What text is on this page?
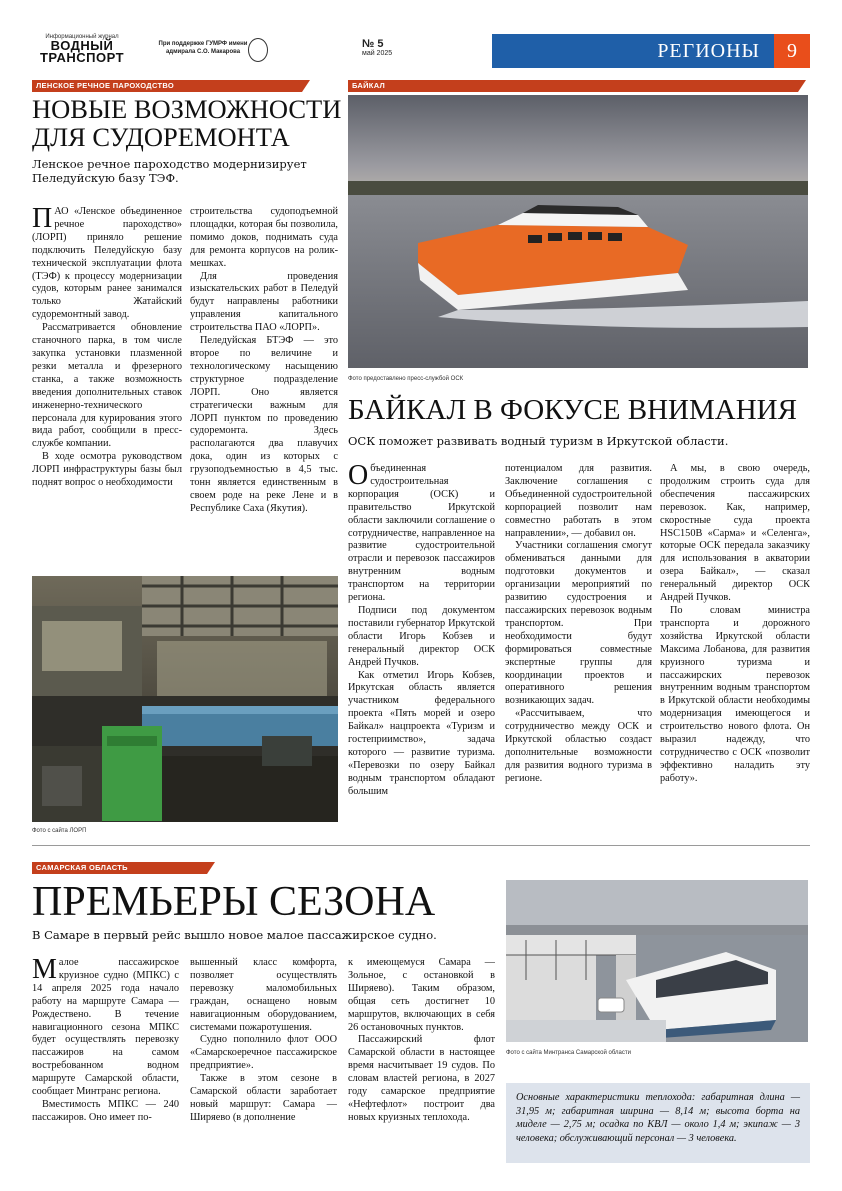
Информационный журнал
ВОДНЫЙ
ТРАНСПОРТ
При поддержке ГУМРФ имени адмирала С.О. Макарова
№ 5
май 2025	РЕГИОНЫ	9
ЛЕНСКОЕ РЕЧНОЕ ПАРОХОДСТВО
НОВЫЕ ВОЗМОЖНОСТИ
ДЛЯ СУДОРЕМОНТА
Ленское речное пароходство модернизирует Пеледуйскую базу ТЭФ.

ПАО «Ленское объединенное речное пароходство» (ЛОРП) приняло решение подключить Пеледуйскую базу технической эксплуатации флота (ТЭФ) к процессу модернизации судов, которым ранее занимался только Жатайский судоремонтный завод.

Рассматривается обновление станочного парка, в том числе закупка установки плазменной резки металла и фрезерного станка, а также возможность введения дополнительных ставок инженерно-технического персонала для курирования этого вида работ, сообщили в пресс-службе компании.

В ходе осмотра руководством ЛОРП инфраструктуры базы был поднят вопрос о необходимости

строительства судоподъемной площадки, которая бы позволила, помимо доков, поднимать суда для ремонта корпусов на ролик-мешках.

Для проведения изыскательских работ в Пеледуй будут направлены работники управления капитального строительства ПАО «ЛОРП».

Пеледуйская БТЭФ — это второе по величине и технологическому насыщению структурное подразделение ЛОРП. Оно является стратегически важным для ЛОРП пунктом по проведению судоремонта. Здесь располагаются два плавучих дока, один из которых с грузоподъемностью в 4,5 тыс. тонн является единственным в своем роде на реке Лене и в Республике Саха (Якутия).

Фото с сайта ЛОРП
БАЙКАЛ
Фото предоставлено пресс-службой ОСК
БАЙКАЛ В ФОКУСЕ ВНИМАНИЯ
ОСК поможет развивать водный туризм в Иркутской области.

Объединенная судостроительная корпорация (ОСК) и правительство Иркутской области заключили соглашение о сотрудничестве, направленное на развитие судостроительной отрасли и перевозок пассажиров внутренним водным транспортом на территории региона.

Подписи под документом поставили губернатор Иркутской области Игорь Кобзев и генеральный директор ОСК Андрей Пучков.

Как отметил Игорь Кобзев, Иркутская область является участником федерального проекта «Пять морей и озеро Байкал» нацпроекта «Туризм и гостеприимство», задача которого — развитие туризма. «Перевозки по озеру Байкал водным транспортом обладают большим

потенциалом для развития. Заключение соглашения с Объединенной судостроительной корпорацией позволит нам совместно работать в этом направлении», — добавил он.

Участники соглашения смогут обмениваться данными для подготовки документов и организации мероприятий по развитию судостроения и пассажирских перевозок водным транспортом. При необходимости будут формироваться совместные экспертные группы для координации проектов и оперативного решения возникающих задач.

«Рассчитываем, что сотрудничество между ОСК и Иркутской областью создаст дополнительные возможности для развития водного туризма в регионе.

А мы, в свою очередь, продолжим строить суда для обеспечения пассажирских перевозок. Как, например, скоростные суда проекта HSC150B «Сарма» и «Селенга», которые ОСК передала заказчику для использования в акватории озера Байкал», — сказал генеральный директор ОСК Андрей Пучков.

По словам министра транспорта и дорожного хозяйства Иркутской области Максима Лобанова, для развития круизного туризма и пассажирских перевозок внутренним водным транспортом в Иркутской области необходимы модернизация имеющегося и строительство нового флота. Он выразил надежду, что сотрудничество с ОСК «позволит эффективно наладить эту работу».

САМАРСКАЯ ОБЛАСТЬ
ПРЕМЬЕРЫ СЕЗОНА
В Самаре в первый рейс вышло новое малое пассажирское судно.

Малое пассажирское круизное судно (МПКС) с 14 апреля 2025 года начало работу на маршруте Самара — Рождествено. В течение навигационного сезона МПКС будет осуществлять перевозку пассажиров на самом востребованном водном маршруте Самарской области, сообщает Минтранс региона.

Вместимость МПКС — 240 пассажиров. Оно имеет по-

вышенный класс комфорта, позволяет осуществлять перевозку маломобильных граждан, оснащено новым навигационным оборудованием, системами пожаротушения.

Судно пополнило флот ООО «Самарскоеречное пассажирское предприятие».

Также в этом сезоне в Самарской области заработает новый маршрут: Самара — Ширяево (в дополнение

к имеющемуся Самара — Зольное, с остановкой в Ширяево). Таким образом, общая сеть достигнет 10 маршрутов, включающих в себя 26 остановочных пунктов.

Пассажирский флот Самарской области в настоящее время насчитывает 19 судов. По словам властей региона, в 2027 году самарское предприятие «Нефтефлот» построит два новых круизных теплохода.

Фото с сайта Минтранса Самарской области
Основные характеристики теплохода: габаритная длина — 31,95 м; габаритная ширина — 8,14 м; высота борта на миделе — 2,75 м; осадка по КВЛ — около 1,4 м; экипаж — 3 человека; обслуживающий персонал — 3 человека.
